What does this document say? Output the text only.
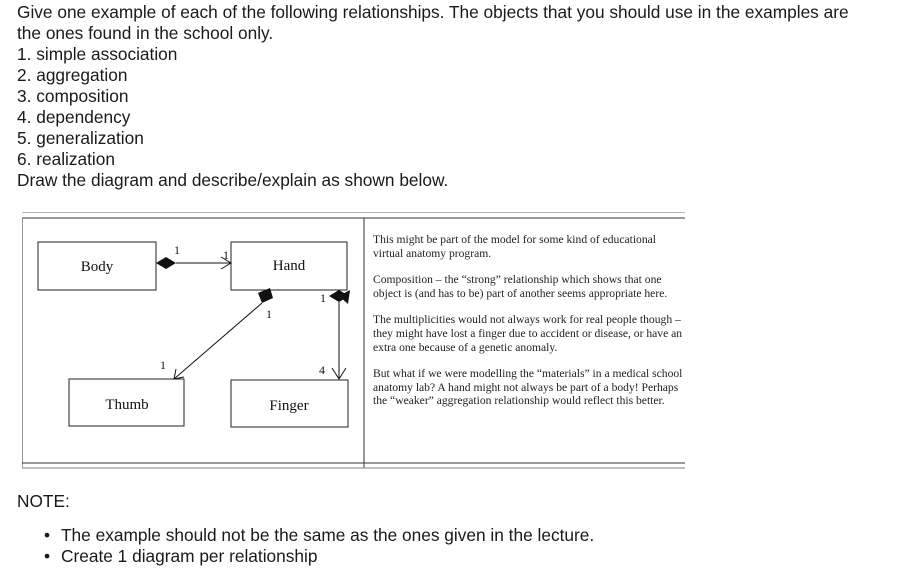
Give one example of each of the following relationships. The objects that you should use in the examples are

the ones found in the school only.

1. simple association
2. aggregation
3. composition
4. dependency
5. generalization
6. realization

Draw the diagram and describe/explain as shown below.

Body	Hand
Thumb	Finger
1	1
1
1
1
4

This might be part of the model for some kind of educational virtual anatomy program.

Composition – the “strong” relationship which shows that one object is (and has to be) part of another seems appropriate here.

The multiplicities would not always work for real people though – they might have lost a finger due to accident or disease, or have an extra one because of a genetic anomaly.

But what if we were modelling the “materials” in a medical school anatomy lab? A hand might not always be part of a body! Perhaps the “weaker” aggregation relationship would reflect this better.

NOTE:
• The example should not be the same as the ones given in the lecture.
• Create 1 diagram per relationship
